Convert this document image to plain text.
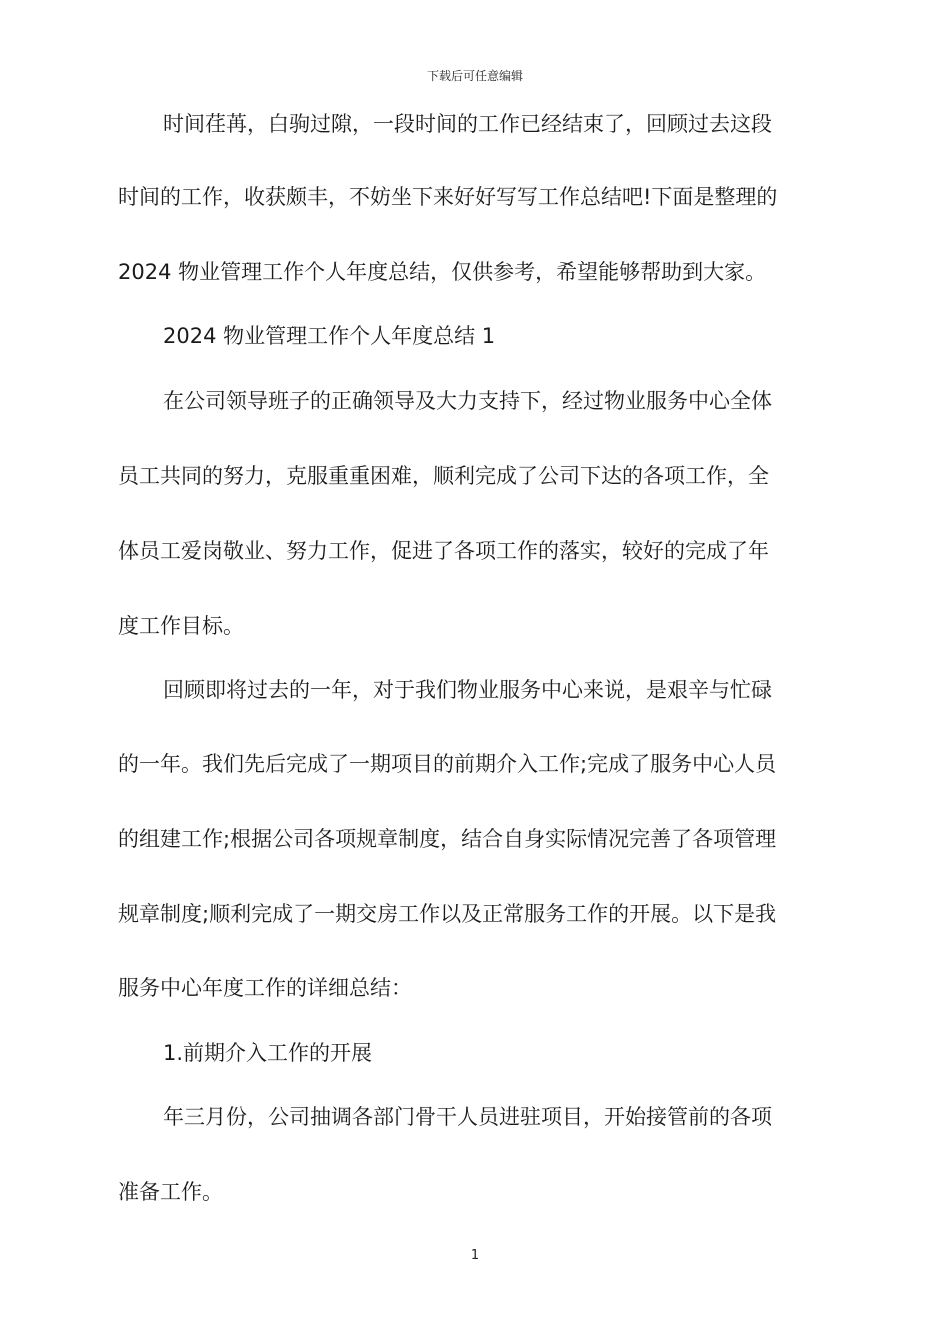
下载后可任意编辑
时间荏苒，白驹过隙，一段时间的工作已经结束了，回顾过去这段
时间的工作，收获颇丰，不妨坐下来好好写写工作总结吧!下面是整理的
2024 物业管理工作个人年度总结，仅供参考，希望能够帮助到大家。
2024 物业管理工作个人年度总结 1
在公司领导班子的正确领导及大力支持下，经过物业服务中心全体
员工共同的努力，克服重重困难，顺利完成了公司下达的各项工作，全
体员工爱岗敬业、努力工作，促进了各项工作的落实，较好的完成了年
度工作目标。
回顾即将过去的一年，对于我们物业服务中心来说，是艰辛与忙碌
的一年。我们先后完成了一期项目的前期介入工作;完成了服务中心人员
的组建工作;根据公司各项规章制度，结合自身实际情况完善了各项管理
规章制度;顺利完成了一期交房工作以及正常服务工作的开展。以下是我
服务中心年度工作的详细总结：
1.前期介入工作的开展
年三月份，公司抽调各部门骨干人员进驻项目，开始接管前的各项
准备工作。
1
